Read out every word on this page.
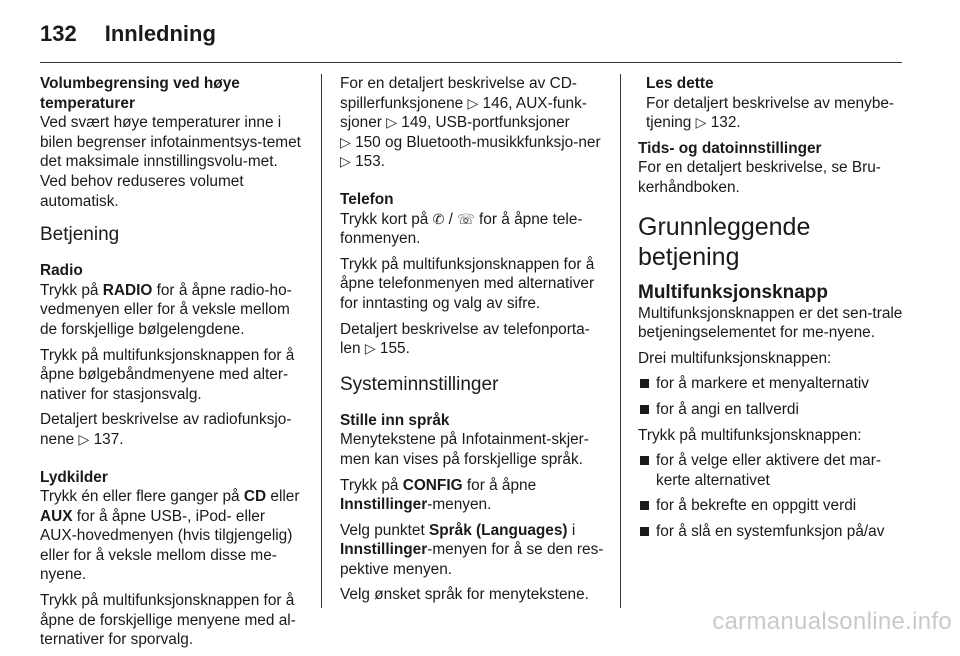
132 Innledning

Volumbegrensing ved høye
temperaturer

Ved svært høye temperaturer inne i bilen begrenser infotainmentsys-temet det maksimale innstillingsvolu-met. Ved behov reduseres volumet automatisk.

Betjening

Radio

Trykk på RADIO for å åpne radio-ho-vedmenyen eller for å veksle mellom de forskjellige bølgelengdene.

Trykk på multifunksjonsknappen for å åpne bølgebåndmenyene med alter-nativer for stasjonsvalg.

Detaljert beskrivelse av radiofunksjo-nene ▷ 137.

Lydkilder

Trykk én eller flere ganger på CD eller AUX for å åpne USB-, iPod- eller AUX-hovedmenyen (hvis tilgjengelig) eller for å veksle mellom disse me-nyene.

Trykk på multifunksjonsknappen for å åpne de forskjellige menyene med al-ternativer for sporvalg.

For en detaljert beskrivelse av CD-spillerfunksjonene ▷ 146, AUX-funk-sjoner ▷ 149, USB-portfunksjoner
▷ 150 og Bluetooth-musikkfunksjo-ner ▷ 153.

Telefon

Trykk kort på ✆ / ☏ for å åpne tele-fonmenyen.

Trykk på multifunksjonsknappen for å åpne telefonmenyen med alternativer for inntasting og valg av sifre.

Detaljert beskrivelse av telefonporta-len ▷ 155.

Systeminnstillinger

Stille inn språk

Menytekstene på Infotainment-skjer-men kan vises på forskjellige språk.

Trykk på CONFIG for å åpne
Innstillinger-menyen.

Velg punktet Språk (Languages) i Innstillinger-menyen for å se den res-pektive menyen.

Velg ønsket språk for menytekstene.

Les dette

For detaljert beskrivelse av menybe-tjening ▷ 132.

Tids- og datoinnstillinger

For en detaljert beskrivelse, se Bru-kerhåndboken.

Grunnleggende betjening
Multifunksjonsknapp

Multifunksjonsknappen er det sen-trale betjeningselementet for me-nyene.

Drei multifunksjonsknappen:

for å markere et menyalternativ
for å angi en tallverdi

Trykk på multifunksjonsknappen:

for å velge eller aktivere det mar-kerte alternativet
for å bekrefte en oppgitt verdi
for å slå en systemfunksjon på/av
carmanualsonline.info
